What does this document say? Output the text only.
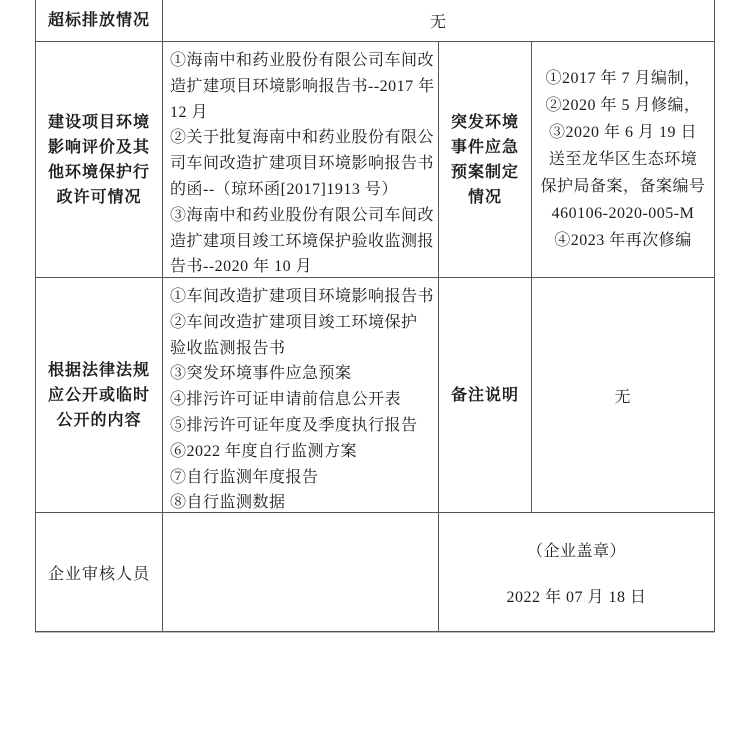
超标排放情况	无
建设项目环境
影响评价及其
他环境保护行
政许可情况
①海南中和药业股份有限公司车间改
造扩建项目环境影响报告书--2017 年
12 月
②关于批复海南中和药业股份有限公
司车间改造扩建项目环境影响报告书
的函--（琼环函[2017]1913 号）
③海南中和药业股份有限公司车间改
造扩建项目竣工环境保护验收监测报
告书--2020 年 10 月
突发环境
事件应急
预案制定
情况
①2017 年 7 月编制，
②2020 年 5 月修编，
③2020 年 6 月 19 日
送至龙华区生态环境
保护局备案，备案编号
460106-2020-005-M
④2023 年再次修编
根据法律法规
应公开或临时
公开的内容
①车间改造扩建项目环境影响报告书
②车间改造扩建项目竣工环境保护
验收监测报告书
③突发环境事件应急预案
④排污许可证申请前信息公开表
⑤排污许可证年度及季度执行报告
⑥2022 年度自行监测方案
⑦自行监测年度报告
⑧自行监测数据
备注说明	无
企业审核人员
（企业盖章）
2022 年 07 月 18 日
